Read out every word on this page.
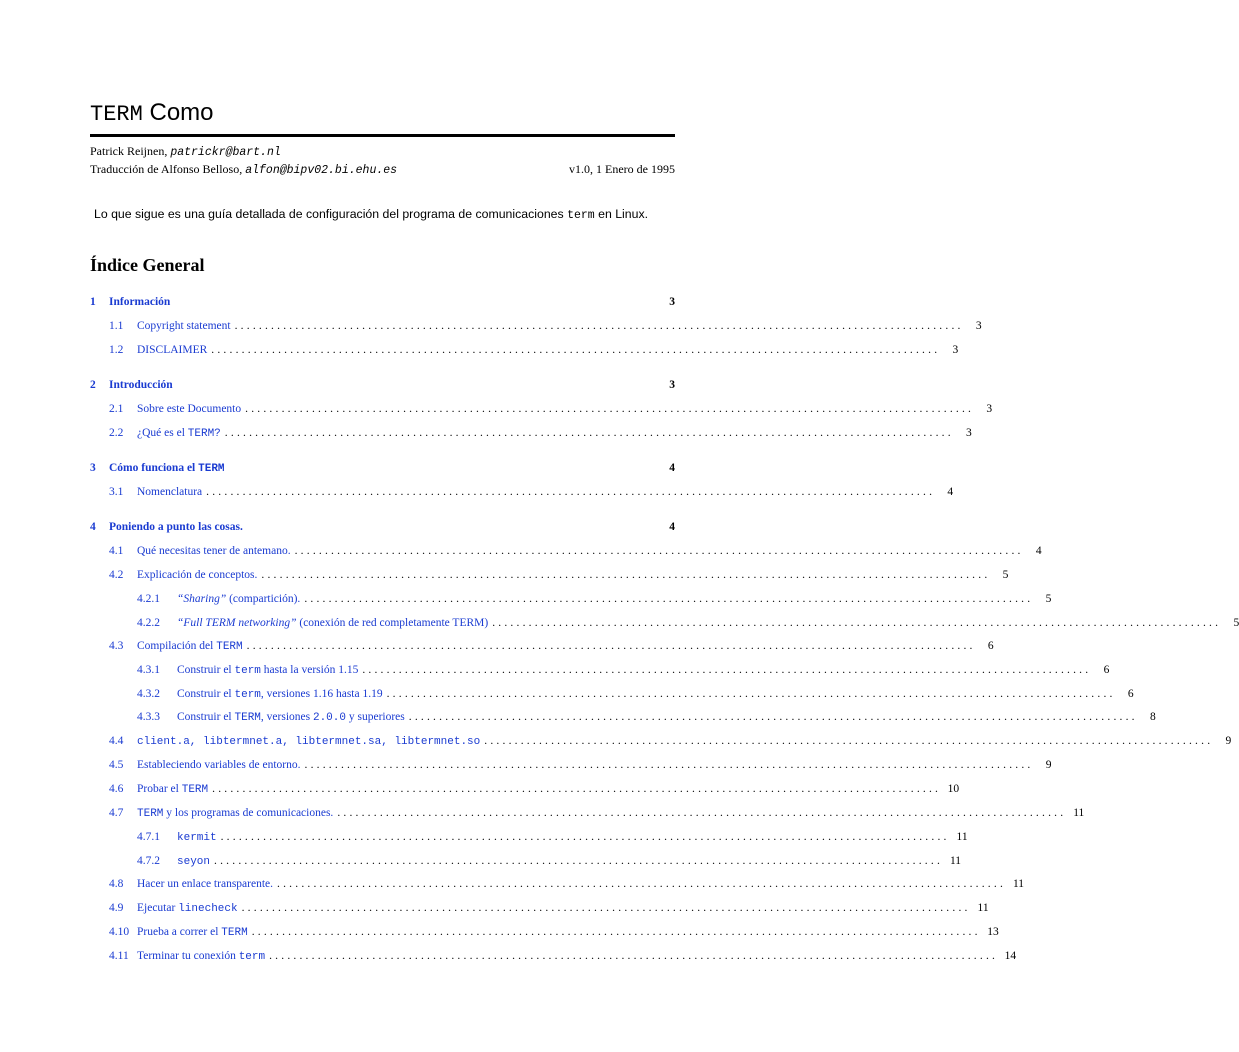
TERM Como
Patrick Reijnen, patrickr@bart.nl
Traducción de Alfonso Belloso, alfon@bipv02.bi.ehu.es	v1.0, 1 Enero de 1995
Lo que sigue es una guía detallada de configuración del programa de comunicaciones term en Linux.
Índice General
1	Información	3
1.1	Copyright statement ........................................................................................................................	3
1.2	DISCLAIMER ........................................................................................................................	3
2	Introducción	3
2.1	Sobre este Documento ........................................................................................................................	3
2.2	¿Qué es el TERM? ........................................................................................................................	3
3	Cómo funciona el TERM	4
3.1	Nomenclatura ........................................................................................................................	4
4	Poniendo a punto las cosas.	4
4.1	Qué necesitas tener de antemano. ........................................................................................................................	4
4.2	Explicación de conceptos. ........................................................................................................................	5
4.2.1	“Sharing” (compartición). ........................................................................................................................	5
4.2.2	“Full TERM networking” (conexión de red completamente TERM) ........................................................................................................................	5
4.3	Compilación del TERM ........................................................................................................................	6
4.3.1	Construir el term hasta la versión 1.15 ........................................................................................................................	6
4.3.2	Construir el term, versiones 1.16 hasta 1.19 ........................................................................................................................	6
4.3.3	Construir el TERM, versiones 2.0.0 y superiores ........................................................................................................................	8
4.4	client.a, libtermnet.a, libtermnet.sa, libtermnet.so ........................................................................................................................	9
4.5	Estableciendo variables de entorno. ........................................................................................................................	9
4.6	Probar el TERM ........................................................................................................................ 10
4.7	TERM y los programas de comunicaciones. ........................................................................................................................ 11
4.7.1	kermit ........................................................................................................................ 11
4.7.2	seyon ........................................................................................................................ 11
4.8	Hacer un enlace transparente. ........................................................................................................................ 11
4.9	Ejecutar linecheck ........................................................................................................................ 11
4.10 Prueba a correr el TERM ........................................................................................................................ 13
4.11 Terminar tu conexión term ........................................................................................................................ 14
